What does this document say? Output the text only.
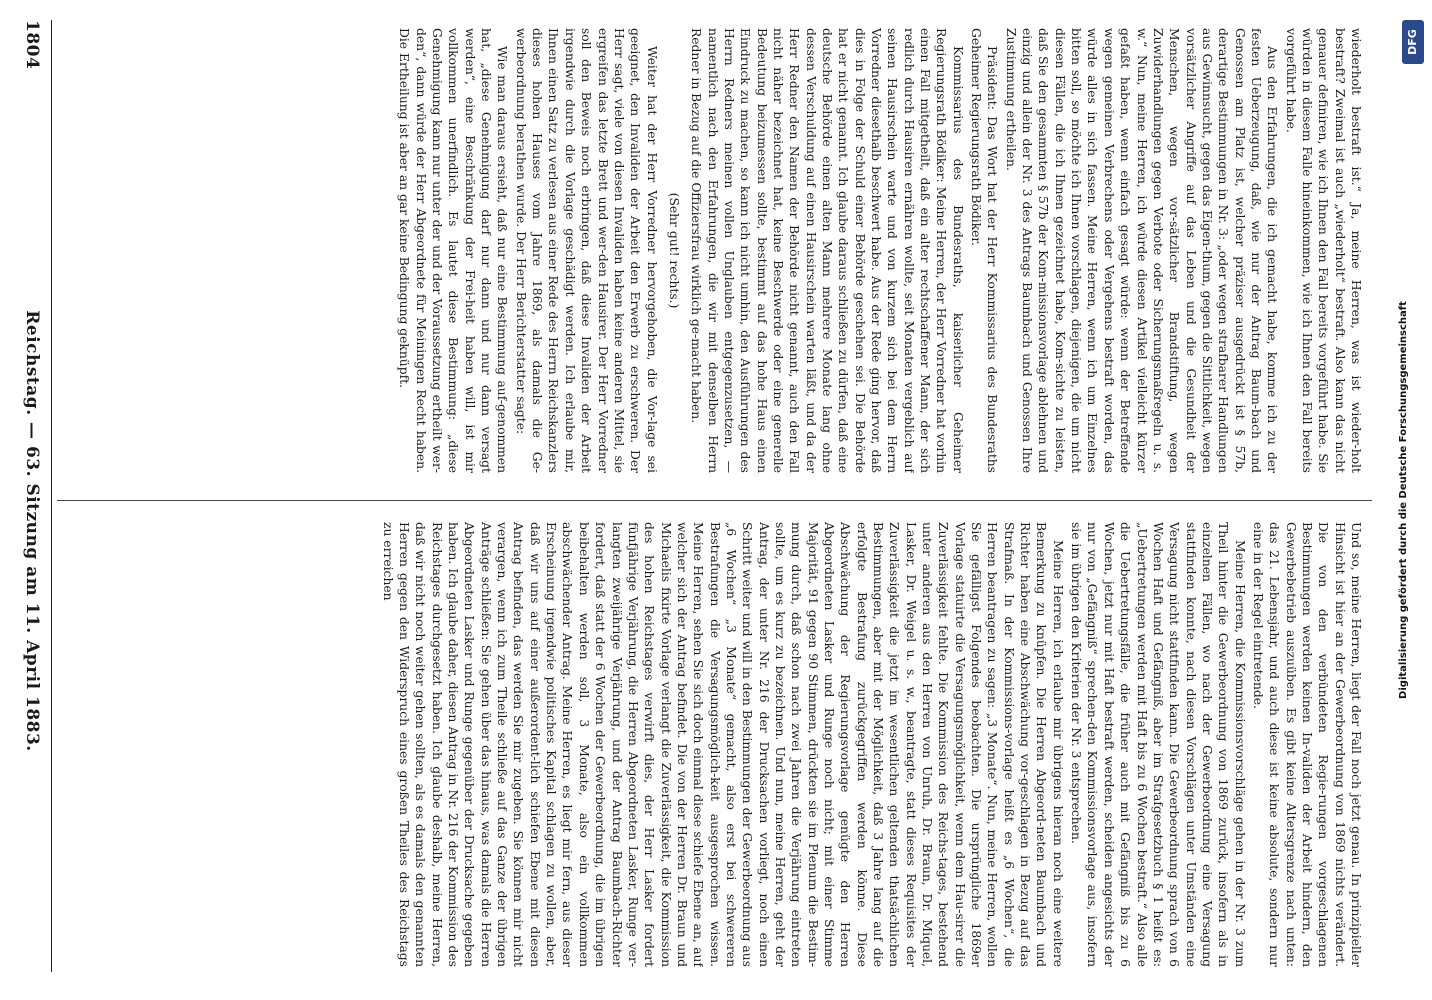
wiederholt bestraft ist.“ Ja, meine Herren, was ist wieder-holt bestraft? Zweimal ist auch „wiederholt“ bestraft. Also kann das nicht genauer definiren, wie ich Ihnen den Fall bereits vorgeführt habe. Sie würden in diesem Falle hineinkommen, wie ich Ihnen den Fall bereits vorgeführt habe.

Aus den Erfahrungen, die ich gemacht habe, komme ich zu der festen Ueberzeugung, daß, wie nur der Antrag Baum-bach und Genossen am Platz ist, welcher präziser ausgedrückt ist § 57b, derartige Bestimmungen in Nr. 3: „oder wegen strafbarer Handlungen aus Gewinnsucht, gegen das Eigen-thum, gegen die Sittlichkeit, wegen vorsätzlicher Angriffe auf das Leben und die Gesundheit der Menschen, wegen vor-sätzlicher Brandstiftung, wegen Zuwiderhandlungen gegen Verbote oder Sicherungsmaßregeln u. s. w.“ Nun, meine Herren, ich würde diesen Artikel vielleicht kürzer gefaßt haben, wenn einfach gesagt würde: wenn der Betreffende wegen gemeinen Verbrechens oder Vergehens bestraft worden, das würde alles in sich fassen. Meine Herren, wenn ich um Einzelnes bitten soll, so möchte ich Ihnen vorschlagen, diejenigen, die um nicht diesen Fällen, die ich Ihnen gezeichnet habe, Kom-sichte zu leisten, daß Sie den gesammten § 57b der Kom-missionsvorlage ablehnen und einzig und allein der Nr. 3 des Antrags Baumbach und Genossen Ihre Zustimmung ertheilen.

Präsident: Das Wort hat der Herr Kommissarius des Bundesraths Geheimer Regierungsrath Bödiker.

Kommissarius des Bundesraths, kaiserlicher Geheimer Regierungsrath Bödiker: Meine Herren, der Herr Vorredner hat vorhin einen Fall mitgetheilt, daß ein alter rechtschaffener Mann, der sich redlich durch Hausiren ernähren wollte, seit Monaten vergeblich auf seinen Hausirschein warte und von kurzem sich bei dem Herrn Vorredner diesethalb beschwert habe. Aus der Rede ging hervor, daß dies in Folge der Schuld einer Behörde geschehen sei. Die Behörde hat er nicht genannt. Ich glaube daraus schließen zu dürfen, daß eine deutsche Behörde einen alten Mann mehrere Monate lang ohne dessen Verschuldung auf einen Hausirschein warten läßt, und da der Herr Redner den Namen der Behörde nicht genannt, auch den Fall nicht näher bezeichnet hat, keine Beschwerde oder eine generelle Bedeutung beizumessen sollte, bestimmt auf das hohe Haus einen Eindruck zu machen, so kann ich nicht umhin, den Ausführungen des Herrn Redners meinen vollen Unglauben entgegenzusetzen, — namentlich nach den Erfahrungen, die wir mit denselben Herrn Redner in Bezug auf die Offiziersfrau wirklich ge-macht haben.

(Sehr gut! rechts.)

Weiter hat der Herr Vorredner hervorgehoben, die Vor-lage sei geeignet, den Invaliden der Arbeit den Erwerb zu erschweren. Der Herr sagt, viele von diesen Invaliden haben keine anderen Mittel, sie ergreifen das letzte Brett und wer-den Hausirer. Der Herr Vorredner soll den Beweis noch erbringen, daß diese Invaliden der Arbeit irgendwie durch die Vorlage geschädigt werden. Ich erlaube mir, Ihnen einen Satz zu verlesen aus einer Rede des Herrn Reichskanzlers dieses hohen Hauses vom Jahre 1869, als damals die Ge-werbeordnung berathen wurde. Der Herr Berichterstatter sagte:

Wie man daraus ersieht, daß nur eine Bestimmung auf-genommen hat, „diese Genehmigung darf nur dann und nur dann versagt werden“, eine Beschränkung der Frei-heit haben will, ist mir vollkommen unerfindlich. Es lautet diese Bestimmung: „diese Genehmigung kann nur unter der und der Voraussetzung ertheilt wer-den“, dann würde der Herr Abgeordnete für Meiningen Recht haben. Die Ertheilung ist aber an gar keine Bedingung geknüpft.

Und so, meine Herren, liegt der Fall noch jetzt genau. In prinzipieller Hinsicht ist hier an der Gewerbeordnung von 1869 nichts verändert. Die von den verbündeten Regie-rungen vorgeschlagenen Bestimmungen werden keinen In-validen der Arbeit hindern, den Gewerbebetrieb auszuüben. Es gibt keine Altersgrenze nach unten: das 21. Lebensjahr, und auch diese ist keine absolute, sondern nur eine in der Regel eintretende.

Meine Herren, die Kommissionsvorschläge gehen in der Nr. 3 zum Theil hinter die Gewerbeordnung von 1869 zurück, insofern als in einzelnen Fällen, wo nach der Gewerbeordnung eine Versagung stattfinden konnte, nach diesen Vorschlägen unter Umständen eine Versagung nicht stattfinden kann. Die Gewerbeordnung sprach von 6 Wochen Haft und Gefängniß, aber im Strafgesetzbuch § 1 heißt es: „Uebertretungen werden mit Haft bis zu 6 Wochen bestraft.“ Also alle die Uebertretungsfälle, die früher auch mit Gefängniß bis zu 6 Wochen, jetzt nur mit Haft bestraft werden, scheiden angesichts der nur von „Gefängniß“ sprechen-den Kommissionsvorlage aus, insofern sie im übrigen den Kriterien der Nr. 3 entsprechen.

Meine Herren, ich erlaube mir übrigens hieran noch eine weitere Bemerkung zu knüpfen. Die Herren Abgeord-neten Baumbach und Richter haben eine Abschwächung vor-geschlagen in Bezug auf das Strafmaß. In der Kommissions-vorlage heißt es „6 Wochen“, die Herren beantragen zu sagen: „3 Monate“. Nun, meine Herren, wollen Sie gefälligst Folgendes beobachten. Die ursprüngliche 1869er Vorlage statuirte die Versagungsmöglichkeit, wenn dem Hau-sirer die Zuverlässigkeit fehlte. Die Kommission des Reichs-tages, bestehend unter anderen aus den Herren von Unruh, Dr. Braun, Dr. Miquel, Lasker, Dr. Weigel u. s. w., beantragte, statt dieses Requisites der Zuverlässigkeit die jetzt im wesentlichen geltenden thatsächlichen Bestimmungen, aber mit der Möglichkeit, daß 3 Jahre lang auf die erfolgte Bestrafung zurückgegriffen werden könne. Diese Abschwächung der Regierungsvorlage genügte den Herren Abgeordneten Lasker und Runge noch nicht; mit einer Stimme Majorität, 91 gegen 90 Stimmen, drückten sie im Plenum die Bestim-mung durch, daß schon nach zwei Jahren die Verjährung eintreten sollte, um es kurz zu bezeichnen. Und nun, meine Herren, geht der Antrag, der unter Nr. 216 der Drucksachen vorliegt, noch einen Schritt weiter und will in den Bestimmungen der Gewerbeordnung aus „6 Wochen“ „3 Monate“ gemacht, also erst bei schwereren Bestrafungen die Versagungsmöglich-keit ausgesprochen wissen. Meine Herren, sehen Sie sich doch einmal diese schiefe Ebene an, auf welcher sich der Antrag befindet. Die von der Herren Dr. Braun und Michaelis fixirte Vorlage verlangt die Zuverlässigkeit, die Kommission des hohen Reichstages verwirft dies, der Herr Lasker fordert fünfjährige Verjährung, die Herren Abgeordneten Lasker, Runge ver-langten zweijährige Verjährung, und der Antrag Baumbach-Richter fordert, daß statt der 6 Wochen der Gewerbeordnung, die im übrigen beibehalten werden soll, 3 Monate, also ein vollkommen abschwächender Antrag. Meine Herren, es liegt mir fern, aus dieser Erscheinung irgendwie politisches Kapital schlagen zu wollen, aber, daß wir uns auf einer außerordent-lich schiefen Ebene mit diesen Antrag befinden, das werden Sie mir zugeben. Sie können mir nicht verargen, wenn ich zum Theile schließe auf das Ganze der übrigen Anträge schließen: Sie gehen über das hinaus, was damals die Herren Abgeordneten Lasker und Runge gegenüber der Drucksache gegeben haben. Ich glaube daher, diesen Antrag in Nr. 216 der Kommission des Reichstages durchgesetzt haben. Ich glaube deshalb, meine Herren, daß wir nicht noch weiter gehen sollten, als es damals den genannten Herren gegen den Widerspruch eines großen Theiles des Reichstags zu erreichen

1804
Reichstag. — 63. Sitzung am 11. April 1883.	Digitalisierung gefördert durch die Deutsche Forschungsgemeinschaft
DFG
